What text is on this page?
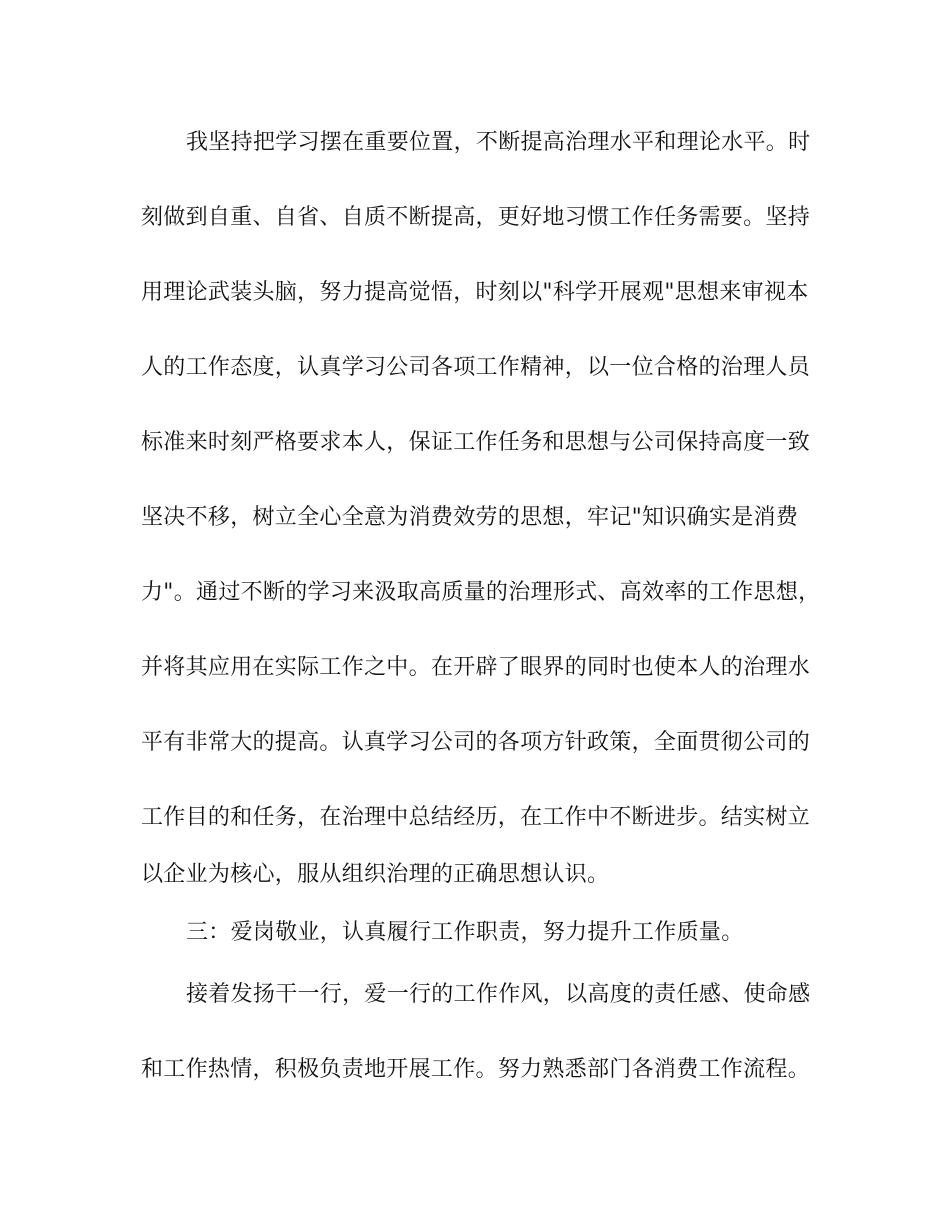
我坚持把学习摆在重要位置，不断提高治理水平和理论水平。时
刻做到自重、自省、自质不断提高，更好地习惯工作任务需要。坚持
用理论武装头脑，努力提高觉悟，时刻以"科学开展观"思想来审视本
人的工作态度，认真学习公司各项工作精神，以一位合格的治理人员
标准来时刻严格要求本人，保证工作任务和思想与公司保持高度一致
坚决不移，树立全心全意为消费效劳的思想，牢记"知识确实是消费
力"。通过不断的学习来汲取高质量的治理形式、高效率的工作思想，
并将其应用在实际工作之中。在开辟了眼界的同时也使本人的治理水
平有非常大的提高。认真学习公司的各项方针政策，全面贯彻公司的
工作目的和任务，在治理中总结经历，在工作中不断进步。结实树立
以企业为核心，服从组织治理的正确思想认识。
三：爱岗敬业，认真履行工作职责，努力提升工作质量。
接着发扬干一行，爱一行的工作作风，以高度的责任感、使命感
和工作热情，积极负责地开展工作。努力熟悉部门各消费工作流程。
